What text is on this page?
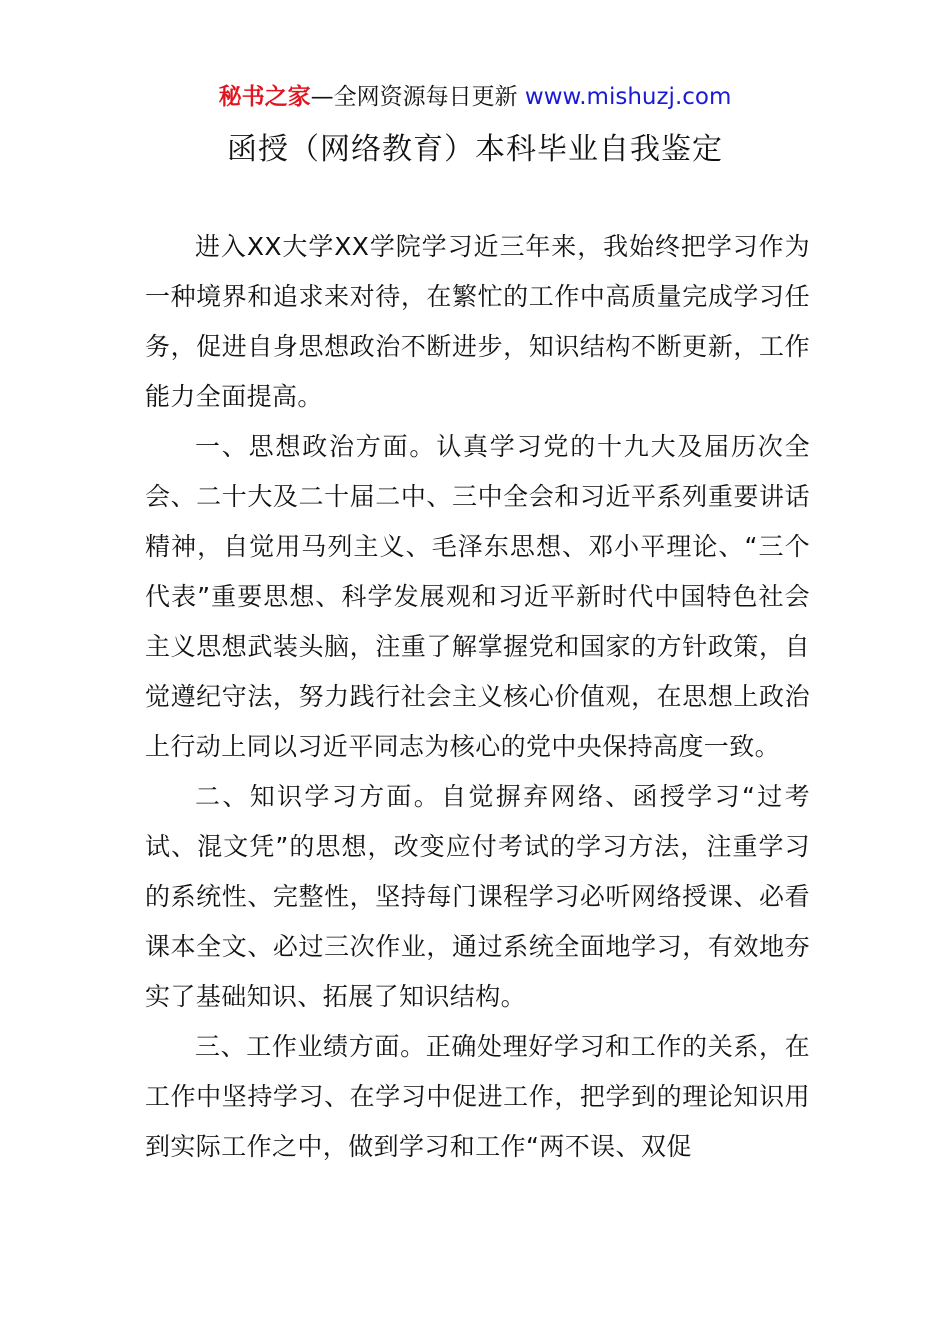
秘书之家—全网资源每日更新 www.mishuzj.com
函授（网络教育）本科毕业自我鉴定

进入XX大学XX学院学习近三年来，我始终把学习作为一种境界和追求来对待，在繁忙的工作中高质量完成学习任务，促进自身思想政治不断进步，知识结构不断更新，工作能力全面提高。

一、思想政治方面。认真学习党的十九大及届历次全会、二十大及二十届二中、三中全会和习近平系列重要讲话精神，自觉用马列主义、毛泽东思想、邓小平理论、“三个代表”重要思想、科学发展观和习近平新时代中国特色社会主义思想武装头脑，注重了解掌握党和国家的方针政策，自觉遵纪守法，努力践行社会主义核心价值观，在思想上政治上行动上同以习近平同志为核心的党中央保持高度一致。

二、知识学习方面。自觉摒弃网络、函授学习“过考试、混文凭”的思想，改变应付考试的学习方法，注重学习的系统性、完整性，坚持每门课程学习必听网络授课、必看课本全文、必过三次作业，通过系统全面地学习，有效地夯实了基础知识、拓展了知识结构。

三、工作业绩方面。正确处理好学习和工作的关系，在工作中坚持学习、在学习中促进工作，把学到的理论知识用到实际工作之中，做到学习和工作“两不误、双促
